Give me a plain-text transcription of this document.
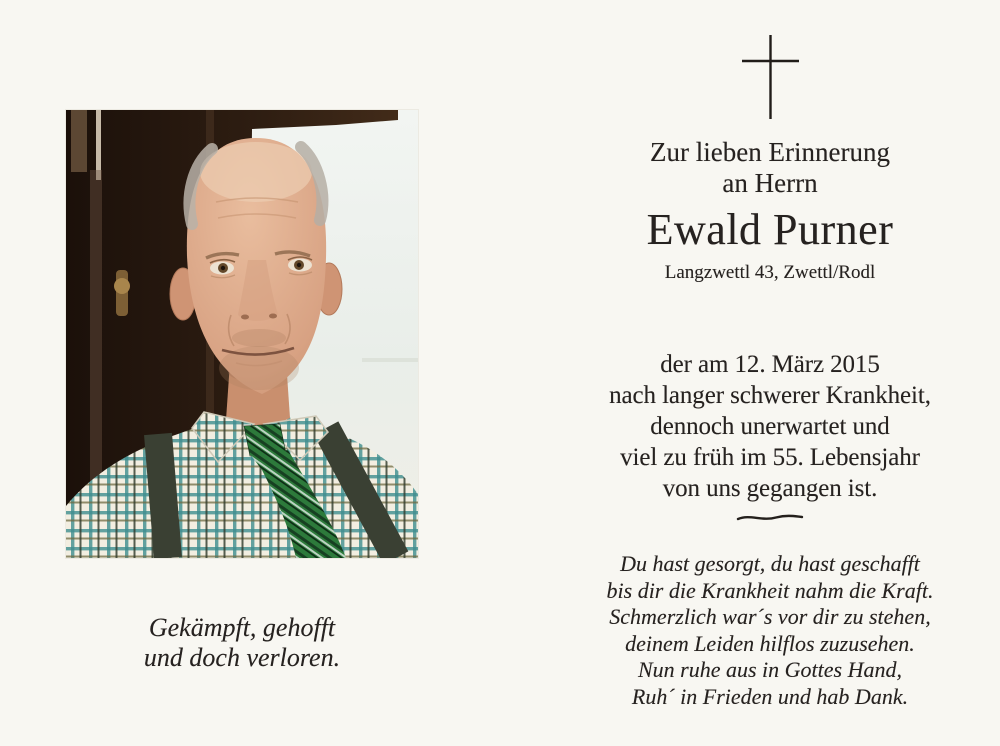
Gekämpft, gehofft
und doch verloren.
Zur lieben Erinnerung
an Herrn
Ewald Purner
Langzwettl 43, Zwettl/Rodl
der am 12. März 2015
nach langer schwerer Krankheit,
dennoch unerwartet und
viel zu früh im 55. Lebensjahr
von uns gegangen ist.
Du hast gesorgt, du hast geschafft
bis dir die Krankheit nahm die Kraft.
Schmerzlich war´s vor dir zu stehen,
deinem Leiden hilflos zuzusehen.
Nun ruhe aus in Gottes Hand,
Ruh´ in Frieden und hab Dank.
